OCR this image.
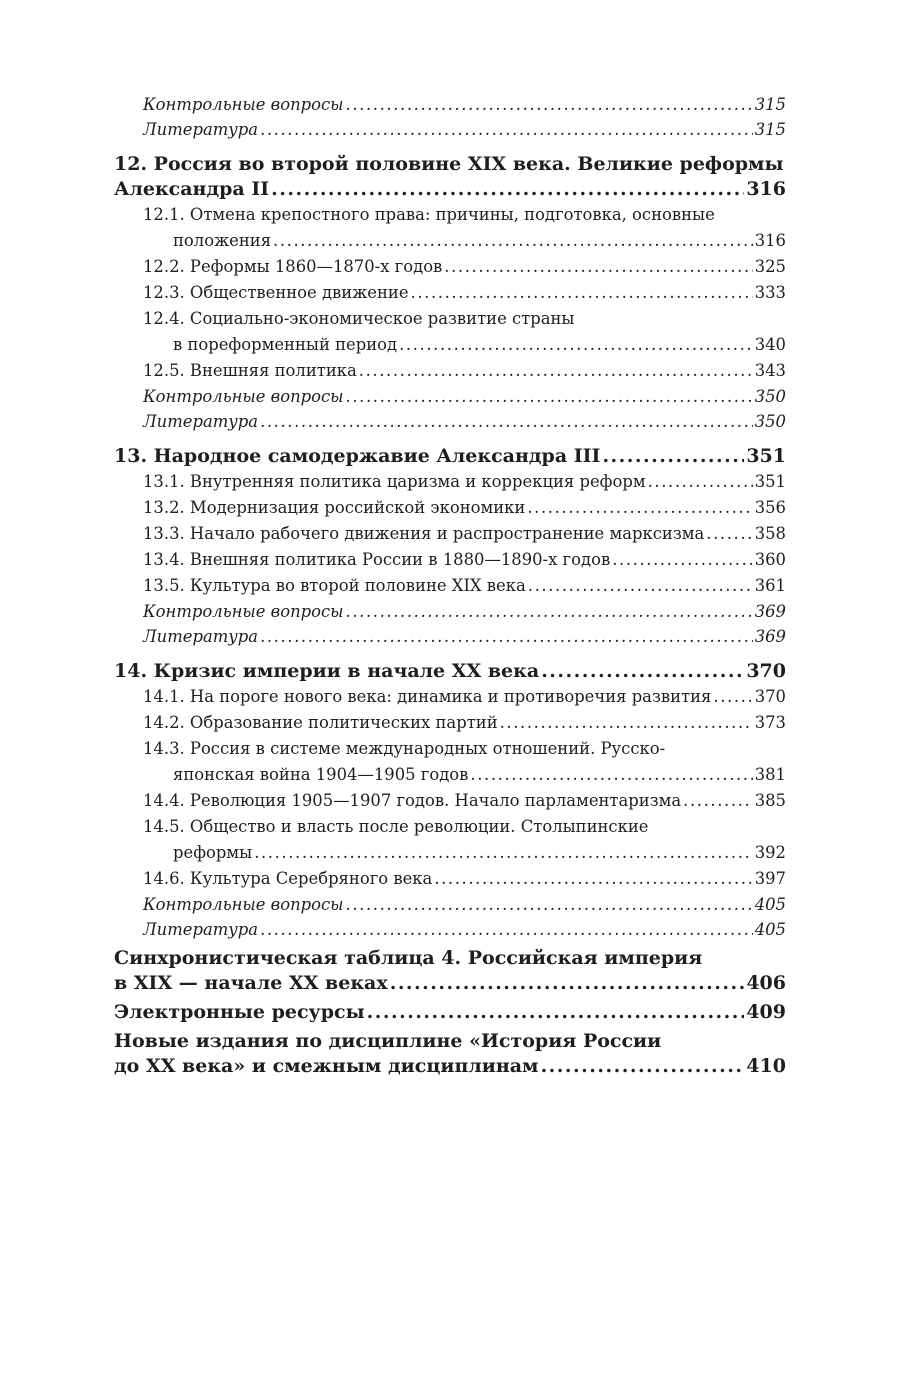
Контрольные вопросы .....	315
Литература .....	315
12. Россия во второй половине XIX века. Великие реформы
Александра II .....	316
12.1. Отмена крепостного права: причины, подготовка, основные
положения .....	316
12.2. Реформы 1860—1870-х годов .....	325
12.3. Общественное движение .....	333
12.4. Социально-экономическое развитие страны
в пореформенный период .....	340
12.5. Внешняя политика .....	343
Контрольные вопросы .....	350
Литература .....	350
13. Народное самодержавие Александра III .....	351
13.1. Внутренняя политика царизма и коррекция реформ .....	351
13.2. Модернизация российской экономики .....	356
13.3. Начало рабочего движения и распространение марксизма .....	358
13.4. Внешняя политика России в 1880—1890-х годов .....	360
13.5. Культура во второй половине XIX века .....	361
Контрольные вопросы .....	369
Литература .....	369
14. Кризис империи в начале XX века .....	370
14.1. На пороге нового века: динамика и противоречия развития .....	370
14.2. Образование политических партий .....	373
14.3. Россия в системе международных отношений. Русско-
японская война 1904—1905 годов .....	381
14.4. Революция 1905—1907 годов. Начало парламентаризма .....	385
14.5. Общество и власть после революции. Столыпинские
реформы .....	392
14.6. Культура Серебряного века .....	397
Контрольные вопросы .....	405
Литература .....	405
Синхронистическая таблица 4. Российская империя
в XIX — начале XX веках .....	406
Электронные ресурсы .....	409
Новые издания по дисциплине «История России
до XX века» и смежным дисциплинам .....	410
